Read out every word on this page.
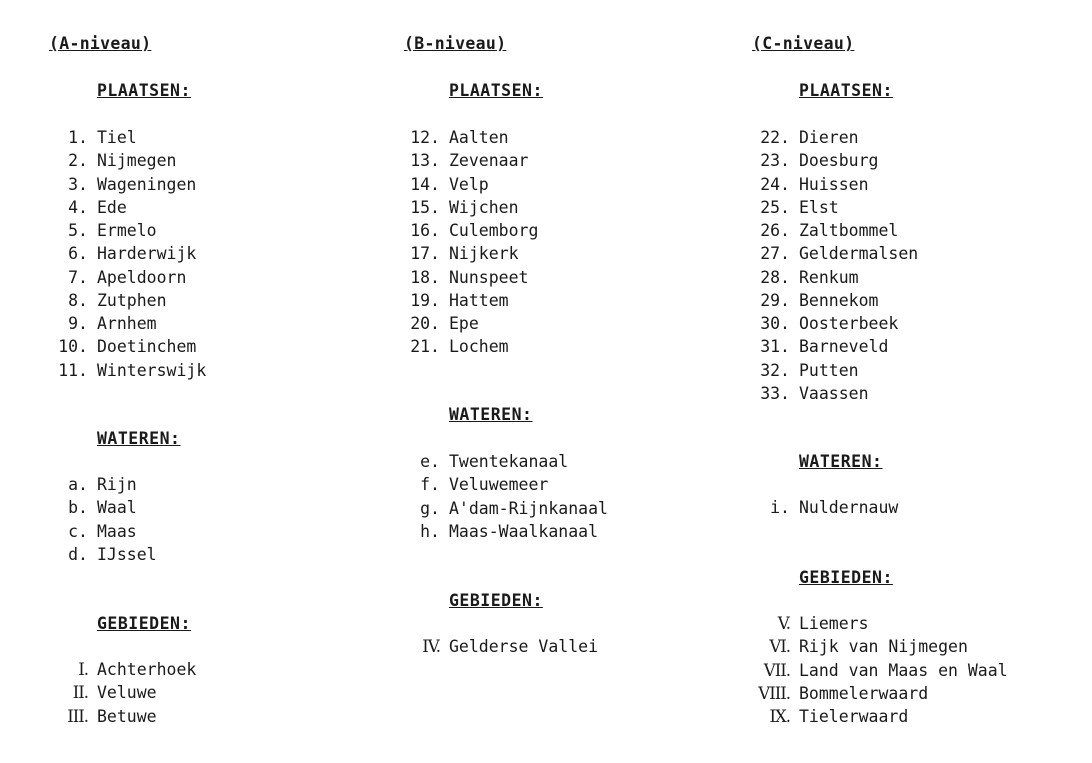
(A-niveau)
PLAATSEN:
1. Tiel
2. Nijmegen
3. Wageningen
4. Ede
5. Ermelo
6. Harderwijk
7. Apeldoorn
8. Zutphen
9. Arnhem
10. Doetinchem
11. Winterswijk
WATEREN:
a. Rijn
b. Waal
c. Maas
d. IJssel
GEBIEDEN:
I. Achterhoek
II. Veluwe
III. Betuwe
(B-niveau)
PLAATSEN:
12. Aalten
13. Zevenaar
14. Velp
15. Wijchen
16. Culemborg
17. Nijkerk
18. Nunspeet
19. Hattem
20. Epe
21. Lochem
WATEREN:
e. Twentekanaal
f. Veluwemeer
g. A'dam-Rijnkanaal
h. Maas-Waalkanaal
GEBIEDEN:
IV. Gelderse Vallei
(C-niveau)
PLAATSEN:
22. Dieren
23. Doesburg
24. Huissen
25. Elst
26. Zaltbommel
27. Geldermalsen
28. Renkum
29. Bennekom
30. Oosterbeek
31. Barneveld
32. Putten
33. Vaassen
WATEREN:
i. Nuldernauw
GEBIEDEN:
V. Liemers
VI. Rijk van Nijmegen
VII. Land van Maas en Waal
VIII. Bommelerwaard
IX. Tielerwaard
